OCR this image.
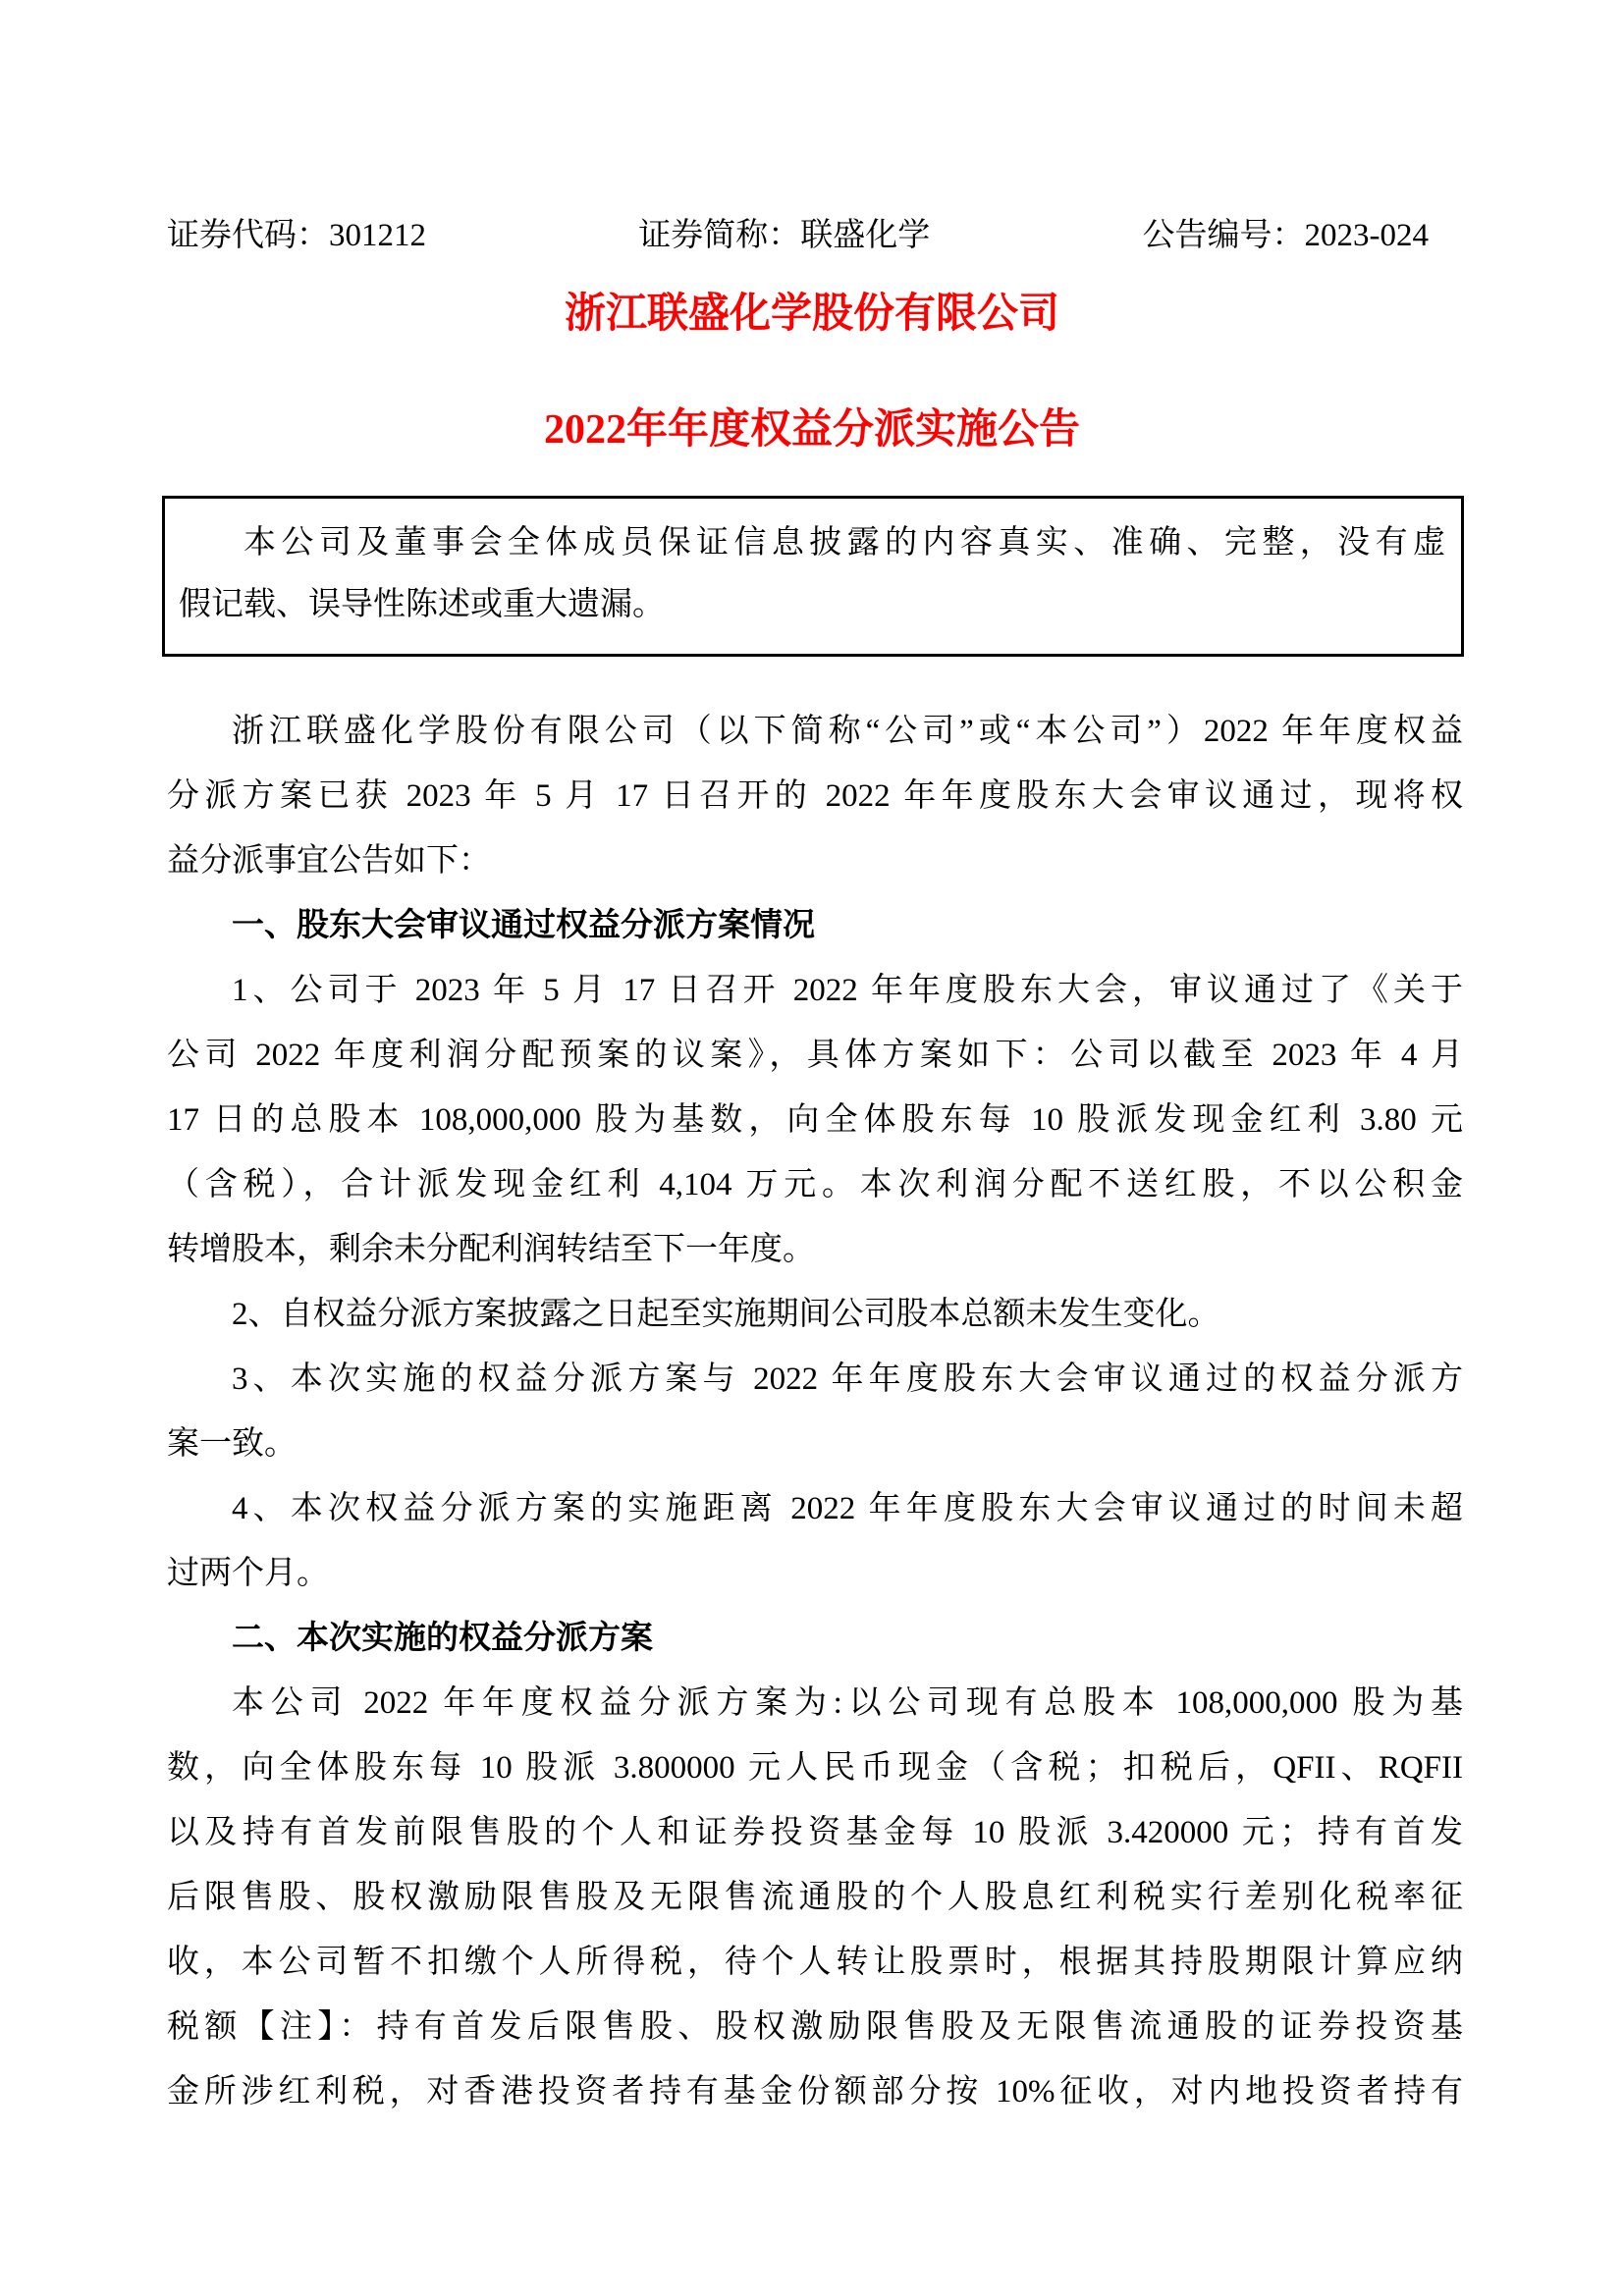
证券代码：301212	证券简称：联盛化学	公告编号：2023-024
浙江联盛化学股份有限公司
2022年年度权益分派实施公告
本公司及董事会全体成员保证信息披露的内容真实、准确、完整，没有虚
假记载、误导性陈述或重大遗漏。
浙江联盛化学股份有限公司（以下简称“公司”或“本公司”）2022 年年度权益
分派方案已获 2023 年 5 月 17 日召开的 2022 年年度股东大会审议通过，现将权
益分派事宜公告如下：
一、股东大会审议通过权益分派方案情况
1、公司于 2023 年 5 月 17 日召开 2022 年年度股东大会，审议通过了《关于
公司 2022 年度利润分配预案的议案》，具体方案如下：公司以截至 2023 年 4 月
17 日的总股本 108,000,000 股为基数，向全体股东每 10 股派发现金红利 3.80 元
（含税），合计派发现金红利 4,104 万元。本次利润分配不送红股，不以公积金
转增股本，剩余未分配利润转结至下一年度。
2、自权益分派方案披露之日起至实施期间公司股本总额未发生变化。
3、本次实施的权益分派方案与 2022 年年度股东大会审议通过的权益分派方
案一致。
4、本次权益分派方案的实施距离 2022 年年度股东大会审议通过的时间未超
过两个月。
二、本次实施的权益分派方案
本公司 2022 年年度权益分派方案为:以公司现有总股本 108,000,000 股为基
数，向全体股东每 10 股派 3.800000 元人民币现金（含税；扣税后，QFII、RQFII
以及持有首发前限售股的个人和证券投资基金每 10 股派 3.420000 元；持有首发
后限售股、股权激励限售股及无限售流通股的个人股息红利税实行差别化税率征
收，本公司暂不扣缴个人所得税，待个人转让股票时，根据其持股期限计算应纳
税额【注】：持有首发后限售股、股权激励限售股及无限售流通股的证券投资基
金所涉红利税，对香港投资者持有基金份额部分按 10%征收，对内地投资者持有
